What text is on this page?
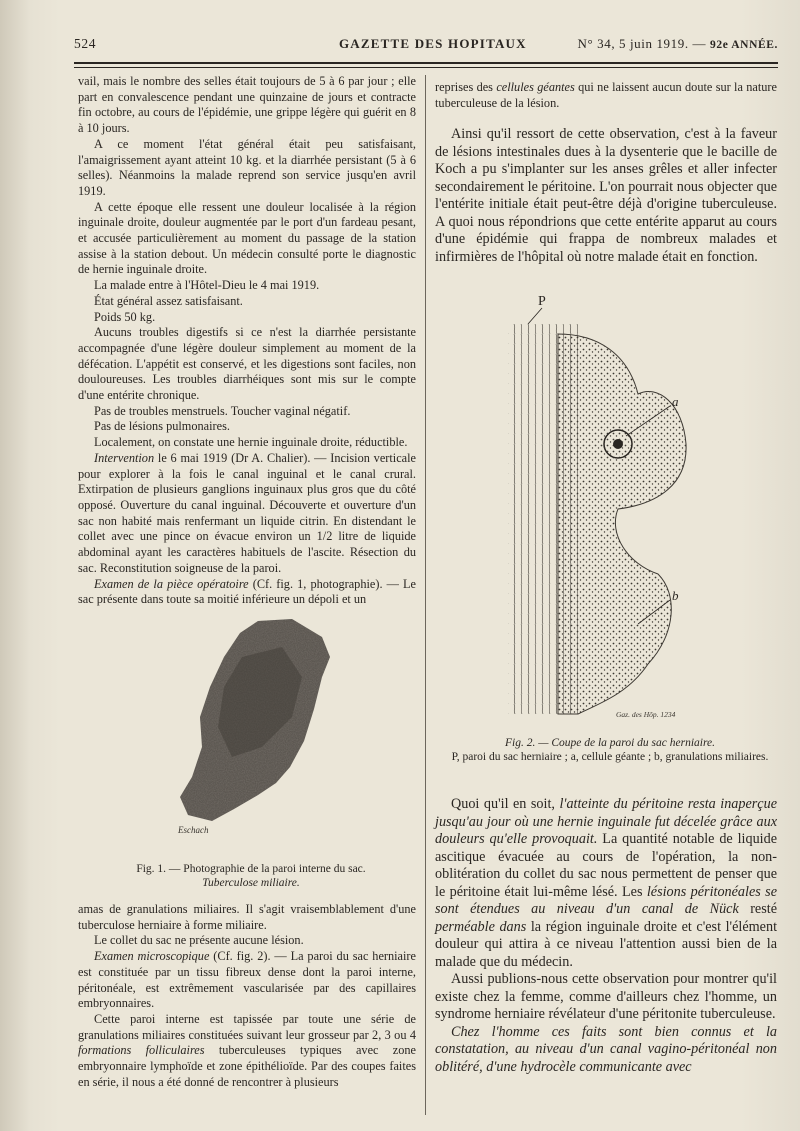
524	GAZETTE DES HOPITAUX	N° 34, 5 juin 1919. — 92e ANNÉE.

vail, mais le nombre des selles était toujours de 5 à 6 par jour ; elle part en convalescence pendant une quinzaine de jours et contracte fin octobre, au cours de l'épidémie, une grippe légère qui guérit en 8 à 10 jours.

A ce moment l'état général était peu satisfaisant, l'amaigrissement ayant atteint 10 kg. et la diarrhée persistant (5 à 6 selles). Néanmoins la malade reprend son service jusqu'en avril 1919.

A cette époque elle ressent une douleur localisée à la région inguinale droite, douleur augmentée par le port d'un fardeau pesant, et accusée particulièrement au moment du passage de la station assise à la station debout. Un médecin consulté porte le diagnostic de hernie inguinale droite.

La malade entre à l'Hôtel-Dieu le 4 mai 1919.

État général assez satisfaisant.

Poids 50 kg.

Aucuns troubles digestifs si ce n'est la diarrhée persistante accompagnée d'une légère douleur simplement au moment de la défécation. L'appétit est conservé, et les digestions sont faciles, non douloureuses. Les troubles diarrhéiques sont mis sur le compte d'une entérite chronique.

Pas de troubles menstruels. Toucher vaginal négatif.

Pas de lésions pulmonaires.

Localement, on constate une hernie inguinale droite, réductible.

Intervention le 6 mai 1919 (Dr A. Chalier). — Incision verticale pour explorer à la fois le canal inguinal et le canal crural. Extirpation de plusieurs ganglions inguinaux plus gros que du côté opposé. Ouverture du canal inguinal. Découverte et ouverture d'un sac non habité mais renfermant un liquide citrin. En distendant le collet avec une pince on évacue environ un 1/2 litre de liquide abdominal ayant les caractères habituels de l'ascite. Résection du sac. Reconstitution soigneuse de la paroi.

Examen de la pièce opératoire (Cf. fig. 1, photographie). — Le sac présente dans toute sa moitié inférieure un dépoli et un

Eschach
Fig. 1. — Photographie de la paroi interne du sac.
Tuberculose miliaire.

amas de granulations miliaires. Il s'agit vraisemblablement d'une tuberculose herniaire à forme miliaire.

Le collet du sac ne présente aucune lésion.

Examen microscopique (Cf. fig. 2). — La paroi du sac herniaire est constituée par un tissu fibreux dense dont la paroi interne, péritonéale, est extrêmement vascularisée par des capillaires embryonnaires.

Cette paroi interne est tapissée par toute une série de granulations miliaires constituées suivant leur grosseur par 2, 3 ou 4 formations folliculaires tuberculeuses typiques avec zone embryonnaire lymphoïde et zone épithélioïde. Par des coupes faites en série, il nous a été donné de rencontrer à plusieurs

reprises des cellules géantes qui ne laissent aucun doute sur la nature tuberculeuse de la lésion.

Ainsi qu'il ressort de cette observation, c'est à la faveur de lésions intestinales dues à la dysenterie que le bacille de Koch a pu s'implanter sur les anses grêles et aller infecter secondairement le péritoine. L'on pourrait nous objecter que l'entérite initiale était peut-être déjà d'origine tuberculeuse. A quoi nous répondrions que cette entérite apparut au cours d'une épidémie qui frappa de nombreux malades et infirmières de l'hôpital où notre malade était en fonction.

P
a
b
Gaz. des Hôp. 1234
Fig. 2. — Coupe de la paroi du sac herniaire.
P, paroi du sac herniaire ; a, cellule géante ; b, granulations miliaires.

Quoi qu'il en soit, l'atteinte du péritoine resta inaperçue jusqu'au jour où une hernie inguinale fut décelée grâce aux douleurs qu'elle provoquait. La quantité notable de liquide ascitique évacuée au cours de l'opération, la non-oblitération du collet du sac nous permettent de penser que le péritoine était lui-même lésé. Les lésions péritonéales se sont étendues au niveau d'un canal de Nück resté perméable dans la région inguinale droite et c'est l'élément douleur qui attira à ce niveau l'attention aussi bien de la malade que du médecin.

Aussi publions-nous cette observation pour montrer qu'il existe chez la femme, comme d'ailleurs chez l'homme, un syndrome herniaire révélateur d'une péritonite tuberculeuse.

Chez l'homme ces faits sont bien connus et la constatation, au niveau d'un canal vagino-péritonéal non oblitéré, d'une hydrocèle communicante avec
